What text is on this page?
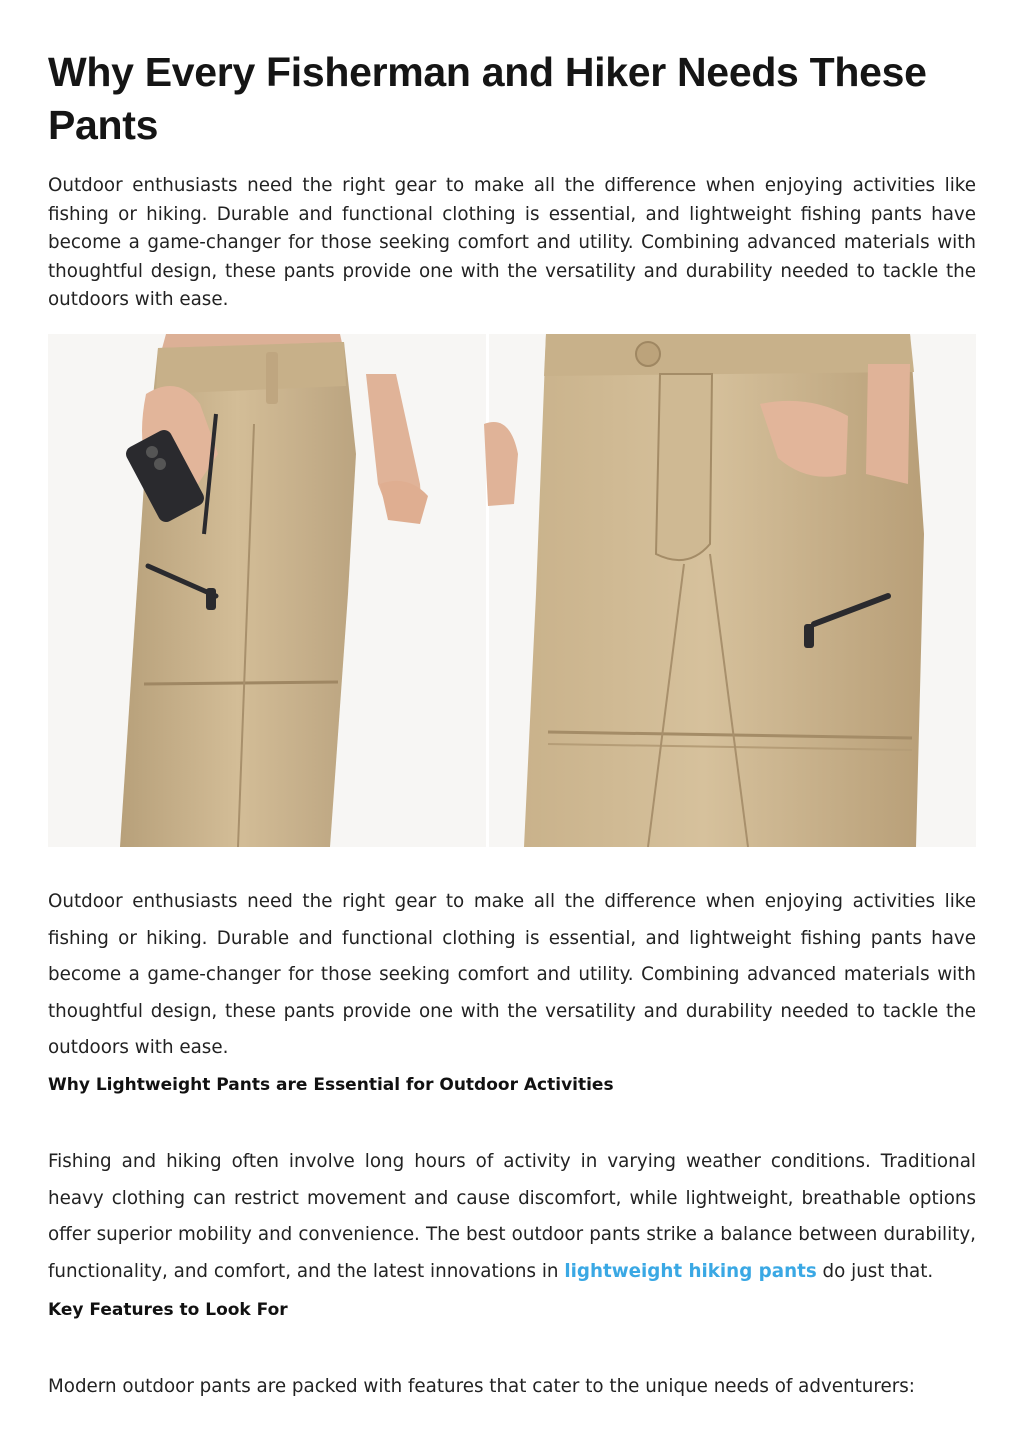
Why Every Fisherman and Hiker Needs These Pants

Outdoor enthusiasts need the right gear to make all the difference when enjoying activities like fishing or hiking. Durable and functional clothing is essential, and lightweight fishing pants have become a game-changer for those seeking comfort and utility. Combining advanced materials with thoughtful design, these pants provide one with the versatility and durability needed to tackle the outdoors with ease.

Outdoor enthusiasts need the right gear to make all the difference when enjoying activities like fishing or hiking. Durable and functional clothing is essential, and lightweight fishing pants have become a game-changer for those seeking comfort and utility. Combining advanced materials with thoughtful design, these pants provide one with the versatility and durability needed to tackle the outdoors with ease.

Why Lightweight Pants are Essential for Outdoor Activities

Fishing and hiking often involve long hours of activity in varying weather conditions. Traditional heavy clothing can restrict movement and cause discomfort, while lightweight, breathable options offer superior mobility and convenience. The best outdoor pants strike a balance between durability, functionality, and comfort, and the latest innovations in lightweight hiking pants do just that.

Key Features to Look For

Modern outdoor pants are packed with features that cater to the unique needs of adventurers:
